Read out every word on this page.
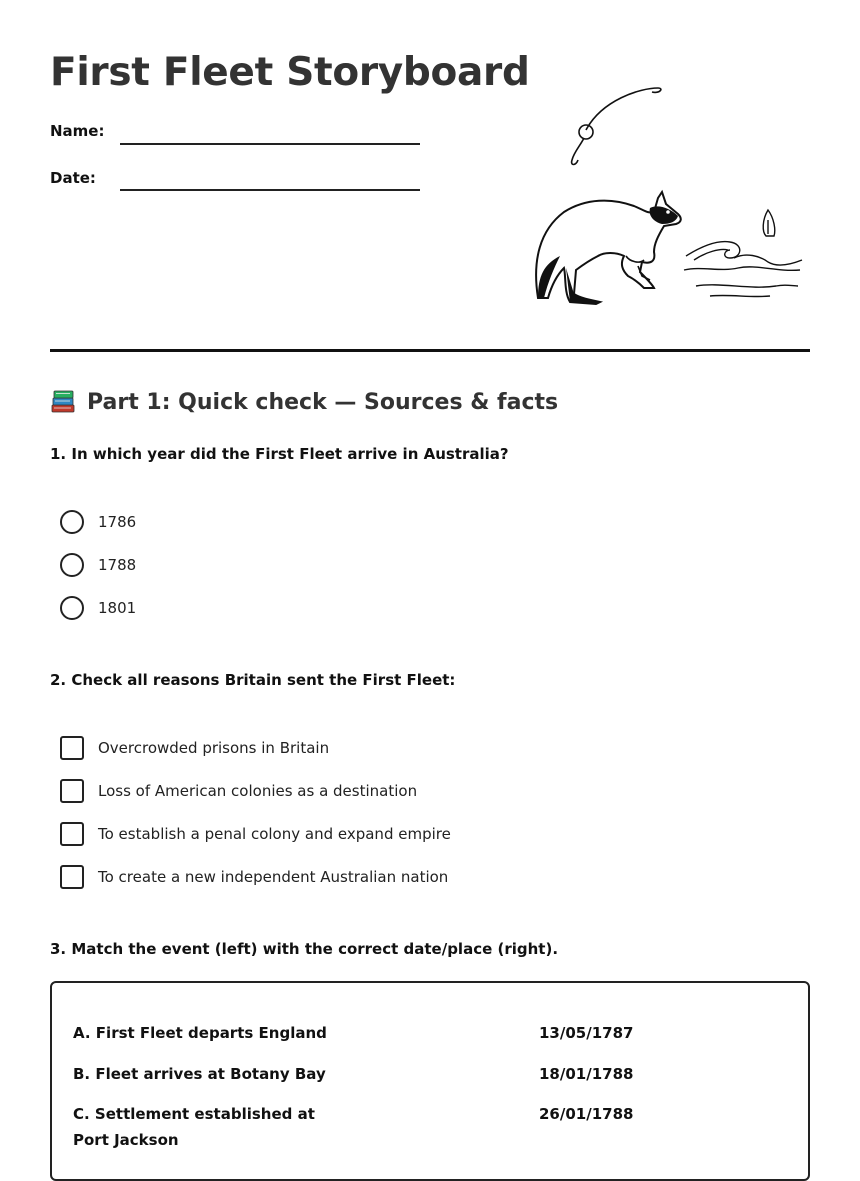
First Fleet Storyboard
Name:
Date:
Part 1: Quick check — Sources & facts

1. In which year did the First Fleet arrive in Australia?

1786
1788
1801

2. Check all reasons Britain sent the First Fleet:

Overcrowded prisons in Britain
Loss of American colonies as a destination
To establish a penal colony and expand empire
To create a new independent Australian nation

3. Match the event (left) with the correct date/place (right).

A. First Fleet departs England	13/05/1787
B. Fleet arrives at Botany Bay	18/01/1788
C. Settlement established at Port Jackson
26/01/1788
